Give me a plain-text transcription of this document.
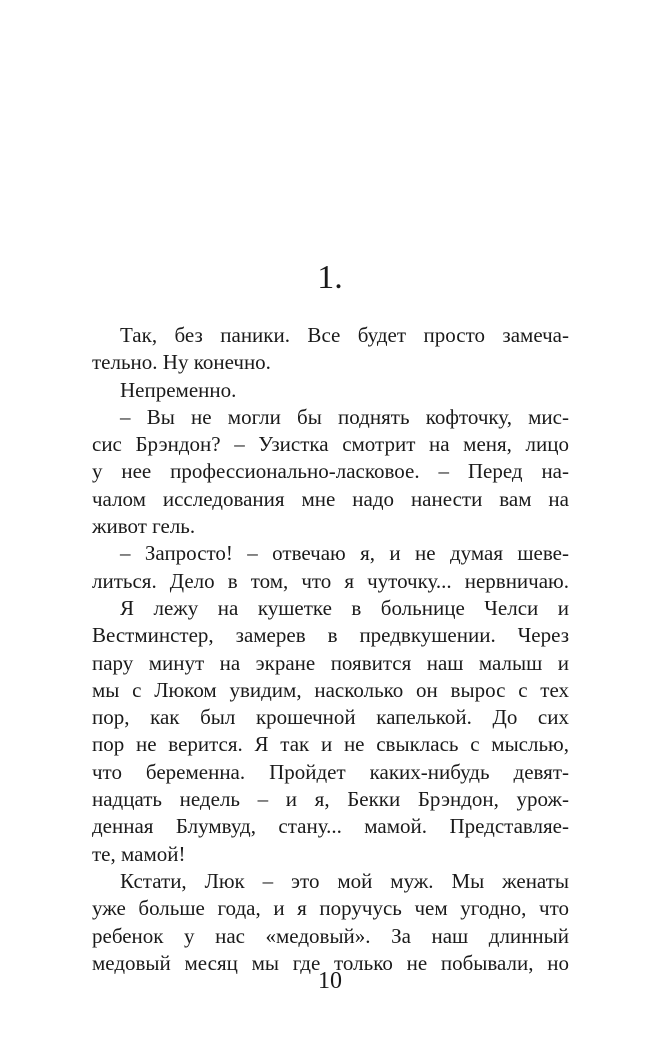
1.
Так, без паники. Все будет просто замеча-
тельно. Ну конечно.
Непременно.
– Вы не могли бы поднять кофточку, мис-
сис Брэндон? – Узистка смотрит на меня, лицо
у нее профессионально-ласковое. – Перед на-
чалом исследования мне надо нанести вам на
живот гель.
– Запросто! – отвечаю я, и не думая шеве-
литься. Дело в том, что я чуточку... нервничаю.
Я лежу на кушетке в больнице Челси и
Вестминстер, замерев в предвкушении. Через
пару минут на экране появится наш малыш и
мы с Люком увидим, насколько он вырос с тех
пор, как был крошечной капелькой. До сих
пор не верится. Я так и не свыклась с мыслью,
что беременна. Пройдет каких-нибудь девят-
надцать недель – и я, Бекки Брэндон, урож-
денная Блумвуд, стану... мамой. Представляе-
те, мамой!
Кстати, Люк – это мой муж. Мы женаты
уже больше года, и я поручусь чем угодно, что
ребенок у нас «медовый». За наш длинный
медовый месяц мы где только не побывали, но
10
